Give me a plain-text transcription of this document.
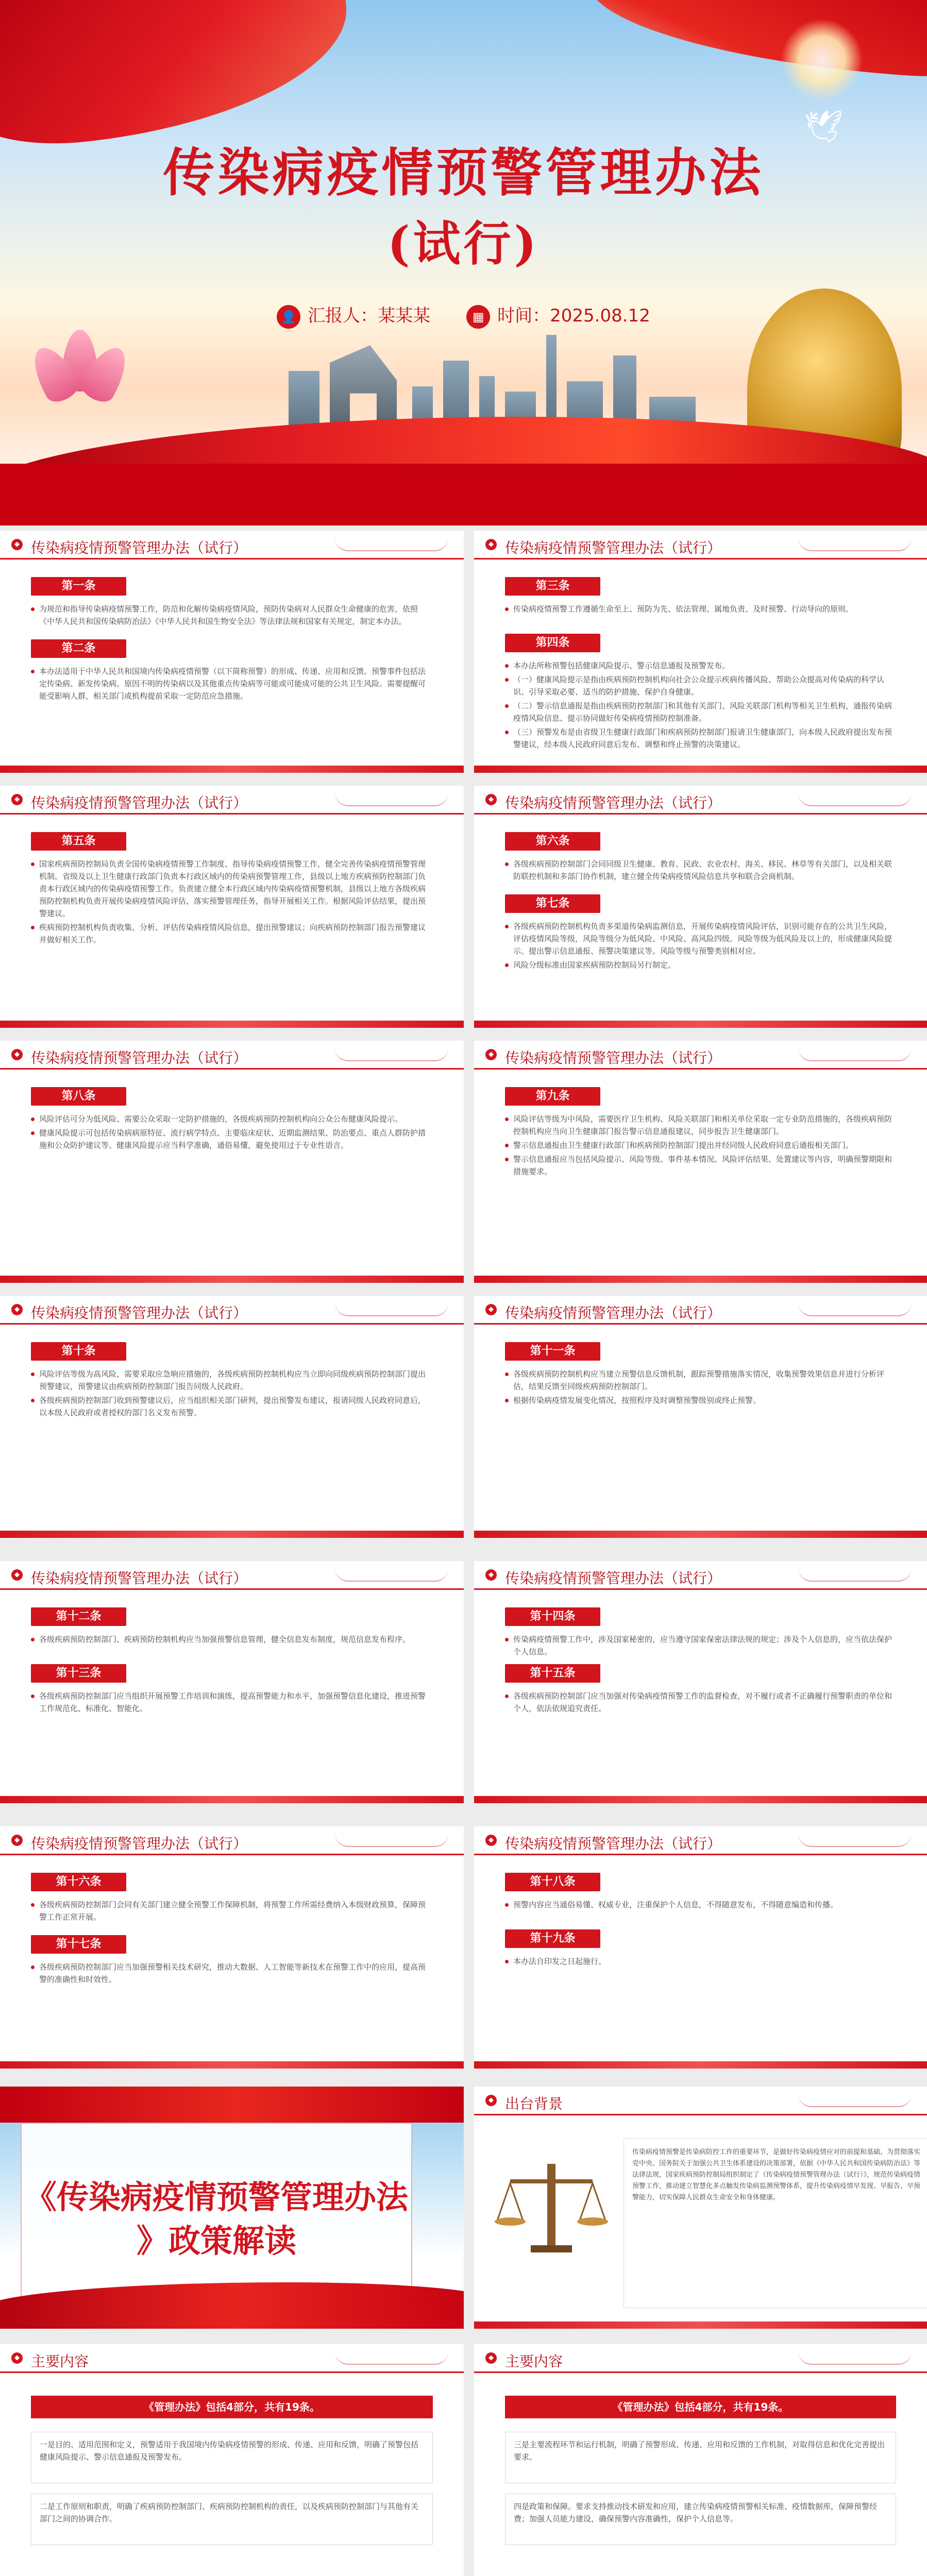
🕊
传染病疫情预警管理办法
(试行)
👤 汇报人：某某某	▦ 时间：2025.08.12
◆ 传染病疫情预警管理办法（试行）
第一条
为规范和指导传染病疫情预警工作，防范和化解传染病疫情风险，预防传染病对人民群众生命健康的危害，依照《中华人民共和国传染病防治法》《中华人民共和国生物安全法》等法律法规和国家有关规定，制定本办法。
第二条
本办法适用于中华人民共和国境内传染病疫情预警（以下简称预警）的形成、传递、应用和反馈。预警事件包括法定传染病、新发传染病、原因不明的传染病以及其他重点传染病等可能或可能成可能的公共卫生风险。需要提醒可能受影响人群，相关部门或机构提前采取一定防范应急措施。
◆ 传染病疫情预警管理办法（试行）
第三条
传染病疫情预警工作遵循生命至上、预防为先、依法管理、属地负责、及时预警、行动导向的原则。
第四条
本办法所称预警包括健康风险提示、警示信息通报及预警发布。
（一）健康风险提示是指由疾病预防控制机构向社会公众提示疾病传播风险、帮助公众提高对传染病的科学认识、引导采取必要、适当的防护措施、保护自身健康。
（二）警示信息通报是指由疾病预防控制部门和其他有关部门、风险关联部门机构等相关卫生机构，通报传染病疫情风险信息、提示协同做好传染病疫情预防控制准备。
（三）预警发布是由省级卫生健康行政部门和疾病预防控制部门报请卫生健康部门，向本级人民政府提出发布预警建议，经本级人民政府同意后发布、调整和终止预警的决策建议。
◆ 传染病疫情预警管理办法（试行）
第五条
国家疾病预防控制局负责全国传染病疫情预警工作制度、指导传染病疫情预警工作，健全完善传染病疫情预警管理机制。省级及以上卫生健康行政部门负责本行政区域内的传染病预警管理工作，县级以上地方疾病预防控制部门负责本行政区域内的传染病疫情预警工作。负责建立健全本行政区域内传染病疫情预警机制，县级以上地方各级疾病预防控制机构负责开展传染病疫情风险评估，落实预警管理任务，指导开展相关工作。根据风险评估结果，提出预警建议。
疾病预防控制机构负责收集、分析、评估传染病疫情风险信息，提出预警建议；向疾病预防控制部门报告预警建议并做好相关工作。
◆ 传染病疫情预警管理办法（试行）
第六条
各级疾病预防控制部门会同同级卫生健康、教育、民政、农业农村、海关、移民、林草等有关部门，以及相关联防联控机制和多部门协作机制，建立健全传染病疫情风险信息共享和联合会商机制。
第七条
各级疾病预防控制机构负责多渠道传染病监测信息，开展传染病疫情风险评估，识别可能存在的公共卫生风险，评估疫情风险等级，风险等级分为低风险、中风险、高风险四级。风险等级为低风险及以上的，形成健康风险提示、提出警示信息通报、预警决策建议等。风险等级与预警类别相对应。
风险分级标准由国家疾病预防控制局另行制定。
◆ 传染病疫情预警管理办法（试行）
第八条
风险评估可分为低风险、需要公众采取一定防护措施的，各级疾病预防控制机构向公众公布健康风险提示。
健康风险提示可包括传染病病原特征、流行病学特点、主要临床症状、近期监测结果、防治要点、重点人群防护措施和公众防护建议等。健康风险提示应当科学准确，通俗易懂，避免使用过于专业性语言。
◆ 传染病疫情预警管理办法（试行）
第九条
风险评估等级为中风险，需要医疗卫生机构、风险关联部门和相关单位采取一定专业防范措施的，各级疾病预防控制机构应当向卫生健康部门报告警示信息通报建议，同步报告卫生健康部门。
警示信息通报由卫生健康行政部门和疾病预防控制部门提出并经同级人民政府同意后通报相关部门。
警示信息通报应当包括风险提示、风险等级、事件基本情况、风险评估结果、处置建议等内容，明确预警期限和措施要求。
◆ 传染病疫情预警管理办法（试行）
第十条
风险评估等级为高风险，需要采取应急响应措施的，各级疾病预防控制机构应当立即向同级疾病预防控制部门提出预警建议，预警建议由疾病预防控制部门报告同级人民政府。
各级疾病预防控制部门收到预警建议后，应当组织相关部门研判，提出预警发布建议，报请同级人民政府同意后，以本级人民政府或者授权的部门名义发布预警。
◆ 传染病疫情预警管理办法（试行）
第十一条
各级疾病预防控制机构应当建立预警信息反馈机制，跟踪预警措施落实情况，收集预警效果信息并进行分析评估，结果反馈至同级疾病预防控制部门。
根据传染病疫情发展变化情况，按照程序及时调整预警级别或终止预警。
◆ 传染病疫情预警管理办法（试行）
第十二条
各级疾病预防控制部门、疾病预防控制机构应当加强预警信息管理，健全信息发布制度，规范信息发布程序。
第十三条
各级疾病预防控制部门应当组织开展预警工作培训和演练，提高预警能力和水平，加强预警信息化建设，推进预警工作规范化、标准化、智能化。
◆ 传染病疫情预警管理办法（试行）
第十四条
传染病疫情预警工作中，涉及国家秘密的，应当遵守国家保密法律法规的规定；涉及个人信息的，应当依法保护个人信息。
第十五条
各级疾病预防控制部门应当加强对传染病疫情预警工作的监督检查，对不履行或者不正确履行预警职责的单位和个人，依法依规追究责任。
◆ 传染病疫情预警管理办法（试行）
第十六条
各级疾病预防控制部门会同有关部门建立健全预警工作保障机制，将预警工作所需经费纳入本级财政预算，保障预警工作正常开展。
第十七条
各级疾病预防控制部门应当加强预警相关技术研究，推动大数据、人工智能等新技术在预警工作中的应用，提高预警的准确性和时效性。
◆ 传染病疫情预警管理办法（试行）
第十八条
预警内容应当通俗易懂、权威专业，注重保护个人信息，不得随意发布，不得随意编造和传播。
第十九条
本办法自印发之日起施行。
《传染病疫情预警管理办法
》政策解读
◆ 出台背景
传染病疫情预警是传染病防控工作的重要环节，是做好传染病疫情应对的前提和基础。为贯彻落实党中央、国务院关于加强公共卫生体系建设的决策部署，依据《中华人民共和国传染病防治法》等法律法规，国家疾病预防控制局组织制定了《传染病疫情预警管理办法（试行）》，规范传染病疫情预警工作，推动建立智慧化多点触发传染病监测预警体系，提升传染病疫情早发现、早报告、早预警能力，切实保障人民群众生命安全和身体健康。
◆ 主要内容
《管理办法》包括4部分，共有19条。
一是目的、适用范围和定义，预警适用于我国境内传染病疫情预警的形成、传递、应用和反馈，明确了预警包括健康风险提示、警示信息通报及预警发布。
二是工作原则和职责，明确了疾病预防控制部门、疾病预防控制机构的责任，以及疾病预防控制部门与其他有关部门之间的协调合作。
◆ 主要内容
《管理办法》包括4部分，共有19条。
三是主要流程环节和运行机制，明确了预警形成、传递、应用和反馈的工作机制，对取得信息和优化完善提出要求。
四是政策和保障。要求支持推动技术研发和应用，建立传染病疫情预警相关标准、疫情数据库，保障预警经费；加强人员能力建设，确保预警内容准确性，保护个人信息等。
